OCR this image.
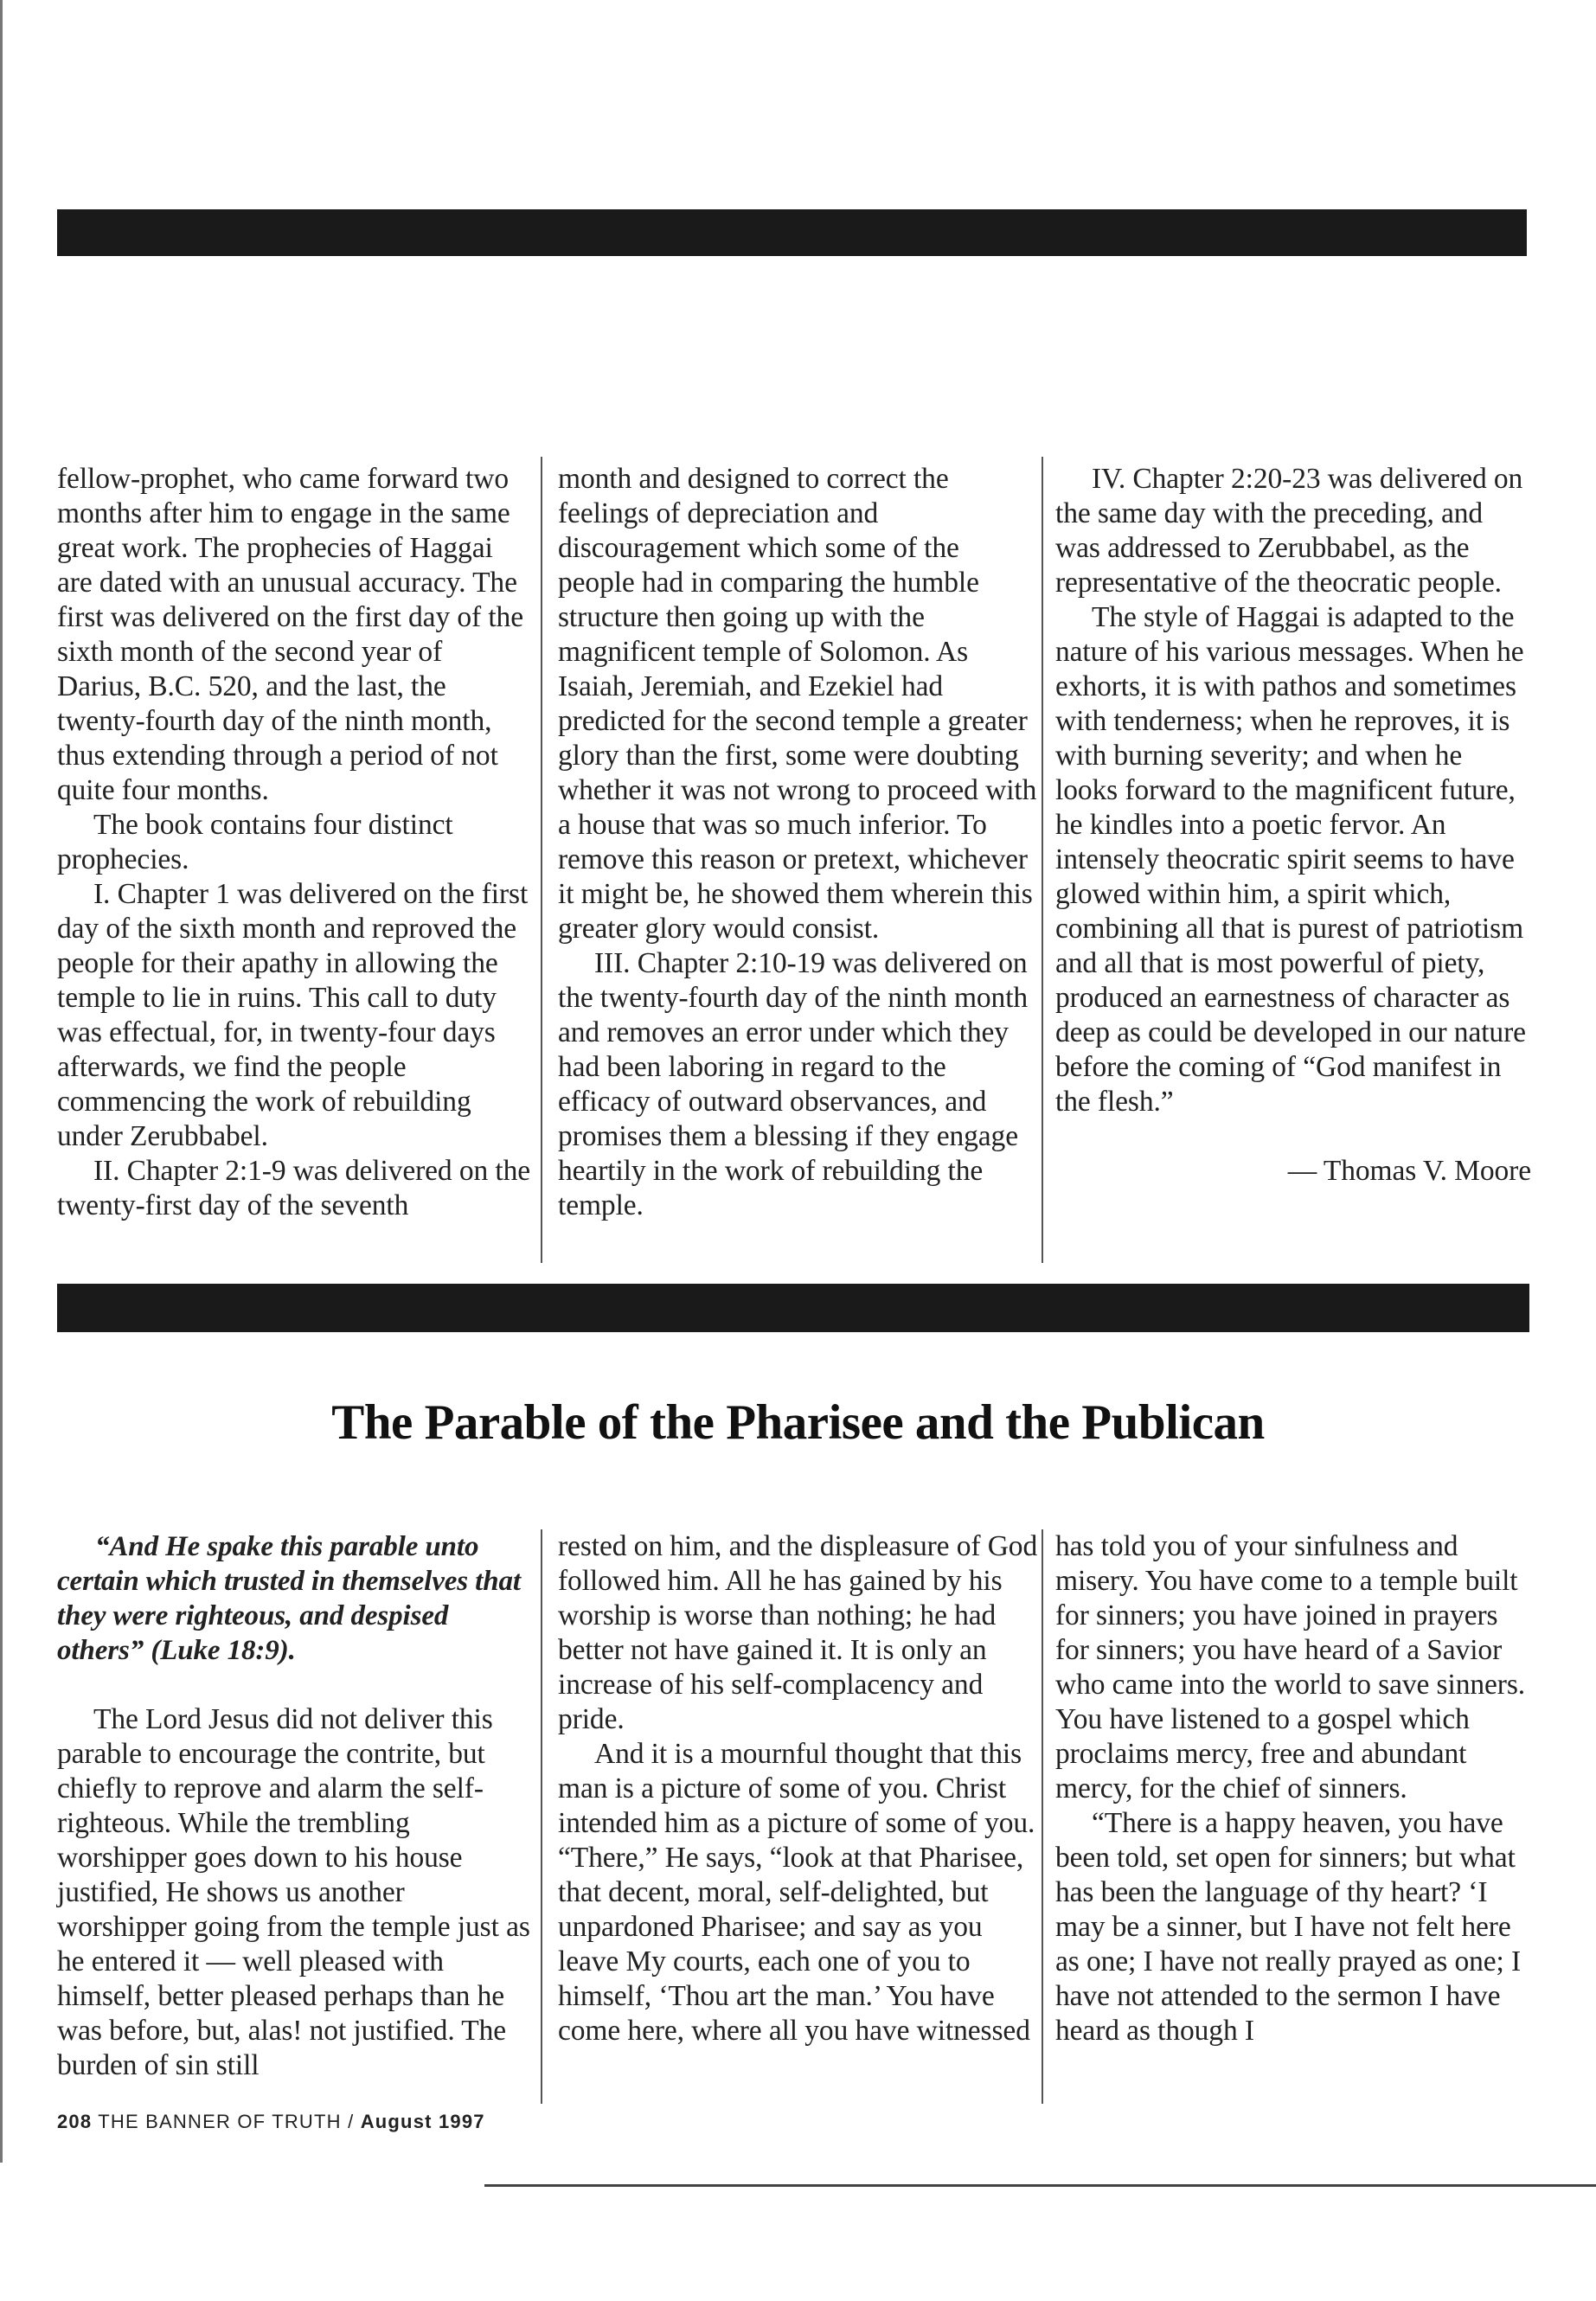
fellow-prophet, who came forward two months after him to engage in the same great work. The prophecies of Haggai are dated with an unusual accuracy. The first was delivered on the first day of the sixth month of the second year of Darius, B.C. 520, and the last, the twenty-fourth day of the ninth month, thus extending through a period of not quite four months.

The book contains four distinct prophecies.

I. Chapter 1 was delivered on the first day of the sixth month and reproved the people for their apathy in allowing the temple to lie in ruins. This call to duty was effectual, for, in twenty-four days afterwards, we find the people commencing the work of rebuilding under Zerubbabel.

II. Chapter 2:1-9 was delivered on the twenty-first day of the seventh

month and designed to correct the feelings of depreciation and discouragement which some of the people had in comparing the humble structure then going up with the magnificent temple of Solomon. As Isaiah, Jeremiah, and Ezekiel had predicted for the second temple a greater glory than the first, some were doubting whether it was not wrong to proceed with a house that was so much inferior. To remove this reason or pretext, whichever it might be, he showed them wherein this greater glory would consist.

III. Chapter 2:10-19 was delivered on the twenty-fourth day of the ninth month and removes an error under which they had been laboring in regard to the efficacy of outward observances, and promises them a blessing if they engage heartily in the work of rebuilding the temple.

IV. Chapter 2:20-23 was delivered on the same day with the preceding, and was addressed to Zerubbabel, as the representative of the theocratic people.

The style of Haggai is adapted to the nature of his various messages. When he exhorts, it is with pathos and sometimes with tenderness; when he reproves, it is with burning severity; and when he looks forward to the magnificent future, he kindles into a poetic fervor. An intensely theocratic spirit seems to have glowed within him, a spirit which, combining all that is purest of patriotism and all that is most powerful of piety, produced an earnestness of character as deep as could be developed in our nature before the coming of “God manifest in the flesh.”

— Thomas V. Moore

The Parable of the Pharisee and the Publican

“And He spake this parable unto certain which trusted in themselves that they were righteous, and despised others” (Luke 18:9).

The Lord Jesus did not deliver this parable to encourage the contrite, but chiefly to reprove and alarm the self-righteous. While the trembling worshipper goes down to his house justified, He shows us another worshipper going from the temple just as he entered it — well pleased with himself, better pleased perhaps than he was before, but, alas! not justified. The burden of sin still

rested on him, and the displeasure of God followed him. All he has gained by his worship is worse than nothing; he had better not have gained it. It is only an increase of his self-complacency and pride.

And it is a mournful thought that this man is a picture of some of you. Christ intended him as a picture of some of you. “There,” He says, “look at that Pharisee, that decent, moral, self-delighted, but unpardoned Pharisee; and say as you leave My courts, each one of you to himself, ‘Thou art the man.’ You have come here, where all you have witnessed

has told you of your sinfulness and misery. You have come to a temple built for sinners; you have joined in prayers for sinners; you have heard of a Savior who came into the world to save sinners. You have listened to a gospel which proclaims mercy, free and abundant mercy, for the chief of sinners.

“There is a happy heaven, you have been told, set open for sinners; but what has been the language of thy heart? ‘I may be a sinner, but I have not felt here as one; I have not really prayed as one; I have not attended to the sermon I have heard as though I

208 THE BANNER OF TRUTH / August 1997
